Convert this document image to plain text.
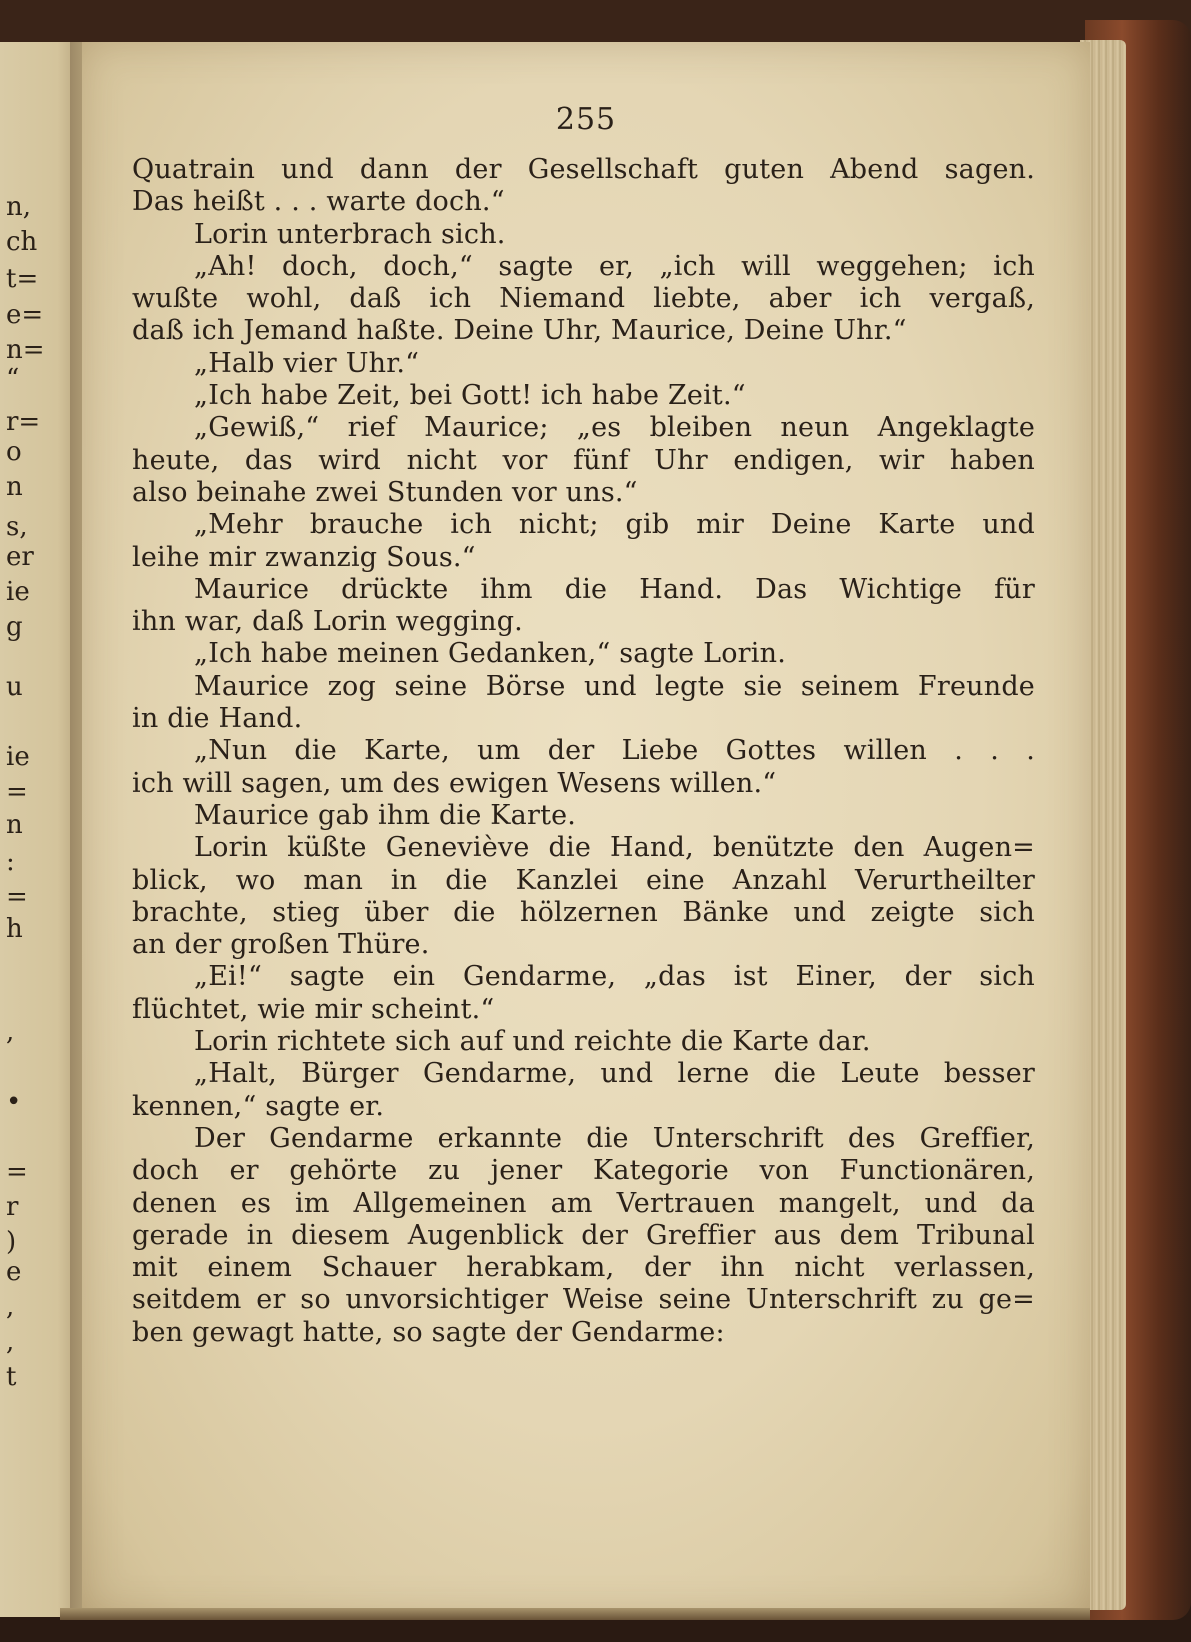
n,
ch
t=
e=
n=
“
r=
o
n
s,
er
ie
g
u
ie
=
n
:
=
h
,
•
=
r
)
e
,
,
t
255
Quatrain und dann der Gesellschaft guten Abend sagen.
Das heißt . . . warte doch.“
Lorin unterbrach sich.
„Ah! doch, doch,“ sagte er, „ich will weggehen; ich
wußte wohl, daß ich Niemand liebte, aber ich vergaß,
daß ich Jemand haßte. Deine Uhr, Maurice, Deine Uhr.“
„Halb vier Uhr.“
„Ich habe Zeit, bei Gott! ich habe Zeit.“
„Gewiß,“ rief Maurice; „es bleiben neun Angeklagte
heute, das wird nicht vor fünf Uhr endigen, wir haben
also beinahe zwei Stunden vor uns.“
„Mehr brauche ich nicht; gib mir Deine Karte und
leihe mir zwanzig Sous.“
Maurice drückte ihm die Hand. Das Wichtige für
ihn war, daß Lorin wegging.
„Ich habe meinen Gedanken,“ sagte Lorin.
Maurice zog seine Börse und legte sie seinem Freunde
in die Hand.
„Nun die Karte, um der Liebe Gottes willen . . .
ich will sagen, um des ewigen Wesens willen.“
Maurice gab ihm die Karte.
Lorin küßte Geneviève die Hand, benützte den Augen=
blick, wo man in die Kanzlei eine Anzahl Verurtheilter
brachte, stieg über die hölzernen Bänke und zeigte sich
an der großen Thüre.
„Ei!“ sagte ein Gendarme, „das ist Einer, der sich
flüchtet, wie mir scheint.“
Lorin richtete sich auf und reichte die Karte dar.
„Halt, Bürger Gendarme, und lerne die Leute besser
kennen,“ sagte er.
Der Gendarme erkannte die Unterschrift des Greffier,
doch er gehörte zu jener Kategorie von Functionären,
denen es im Allgemeinen am Vertrauen mangelt, und da
gerade in diesem Augenblick der Greffier aus dem Tribunal
mit einem Schauer herabkam, der ihn nicht verlassen,
seitdem er so unvorsichtiger Weise seine Unterschrift zu ge=
ben gewagt hatte, so sagte der Gendarme:
